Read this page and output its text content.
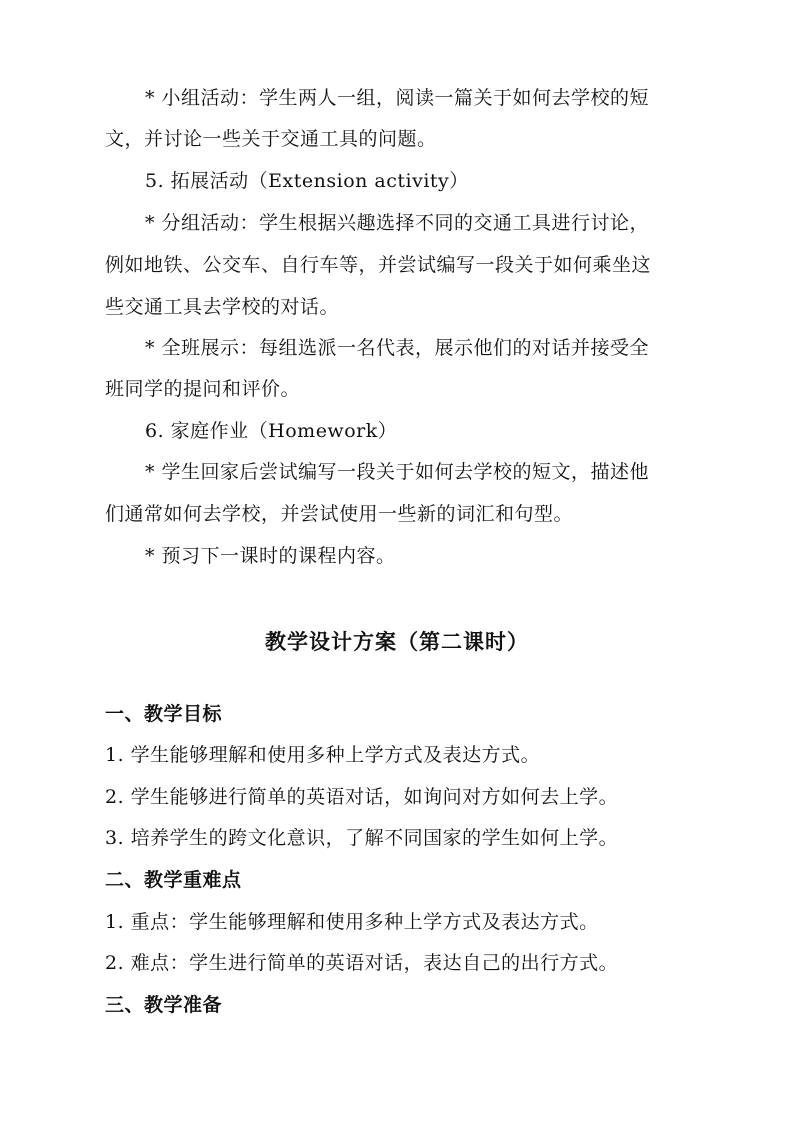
* 小组活动：学生两人一组，阅读一篇关于如何去学校的短
文，并讨论一些关于交通工具的问题。
5. 拓展活动（Extension activity）
* 分组活动：学生根据兴趣选择不同的交通工具进行讨论，
例如地铁、公交车、自行车等，并尝试编写一段关于如何乘坐这
些交通工具去学校的对话。
* 全班展示：每组选派一名代表，展示他们的对话并接受全
班同学的提问和评价。
6. 家庭作业（Homework）
* 学生回家后尝试编写一段关于如何去学校的短文，描述他
们通常如何去学校，并尝试使用一些新的词汇和句型。
* 预习下一课时的课程内容。
教学设计方案（第二课时）
一、教学目标
1. 学生能够理解和使用多种上学方式及表达方式。
2. 学生能够进行简单的英语对话，如询问对方如何去上学。
3. 培养学生的跨文化意识，了解不同国家的学生如何上学。
二、教学重难点
1. 重点：学生能够理解和使用多种上学方式及表达方式。
2. 难点：学生进行简单的英语对话，表达自己的出行方式。
三、教学准备
